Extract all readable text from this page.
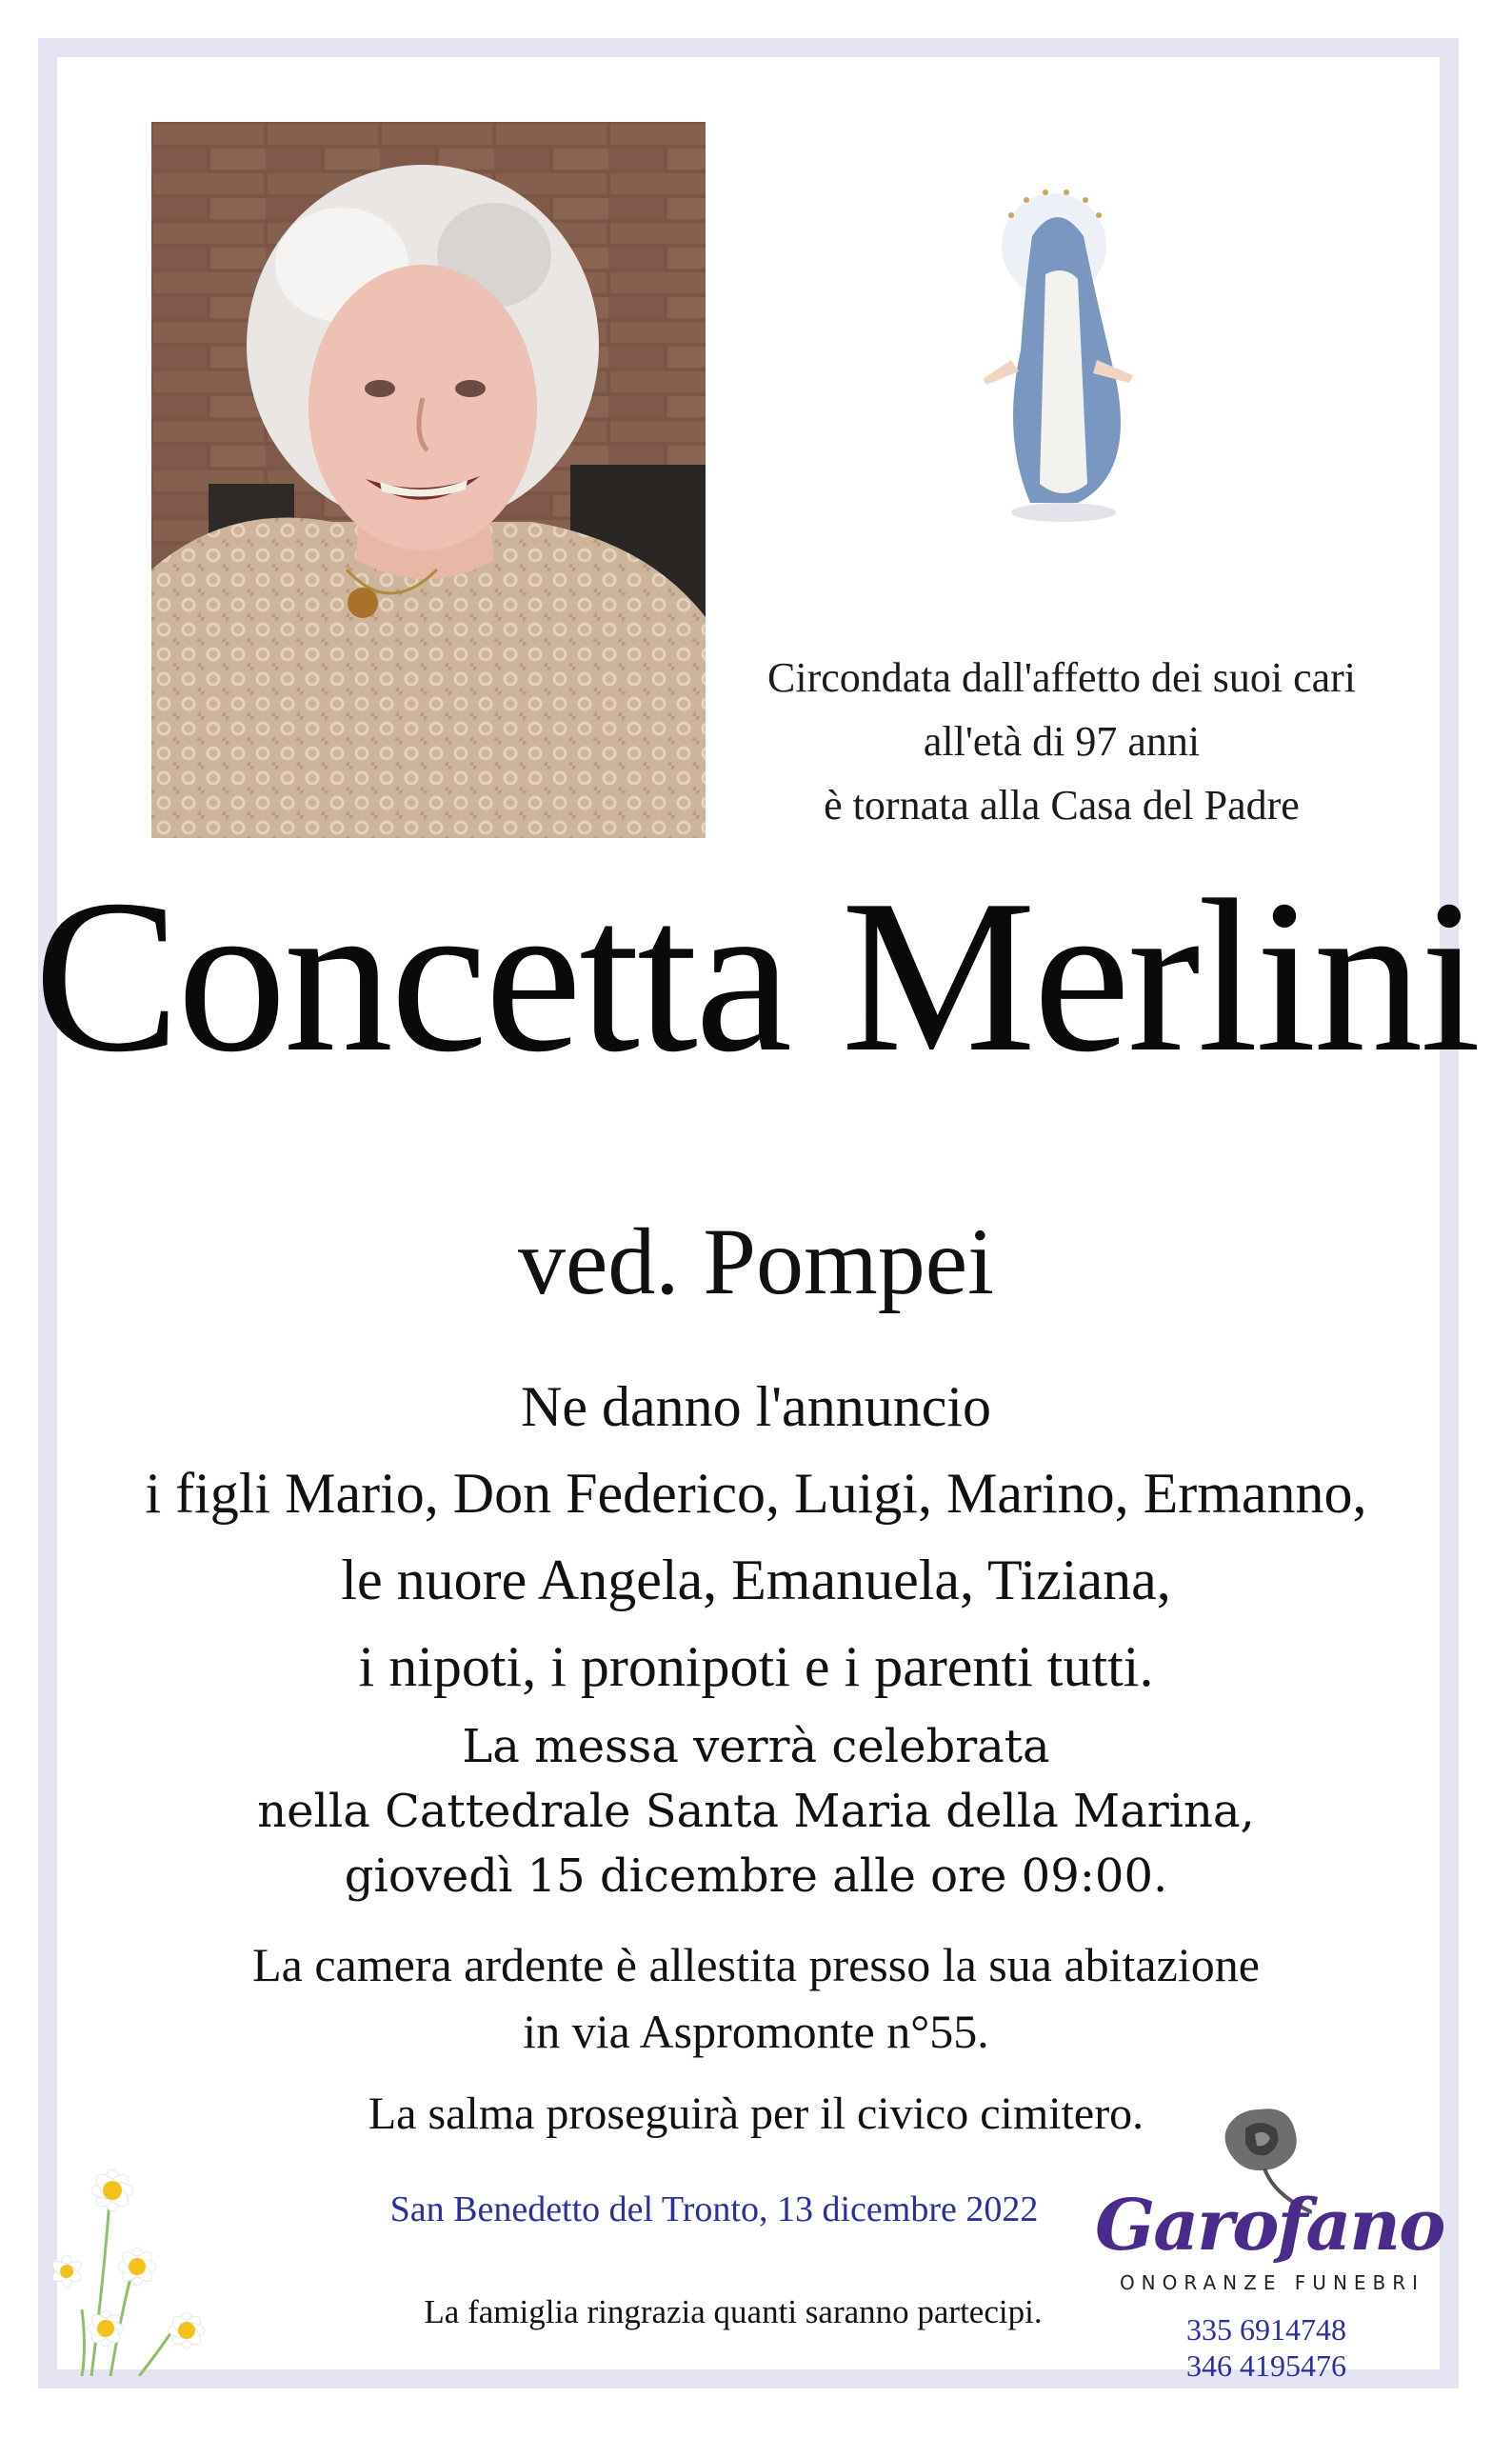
Circondata dall'affetto dei suoi cari
all'età di 97 anni
è tornata alla Casa del Padre
Concetta Merlini
ved. Pompei
Ne danno l'annuncio
i figli Mario, Don Federico, Luigi, Marino, Ermanno,
le nuore Angela, Emanuela, Tiziana,
i nipoti, i pronipoti e i parenti tutti.
La messa verrà celebrata
nella Cattedrale Santa Maria della Marina,
giovedì 15 dicembre alle ore 09:00.
La camera ardente è allestita presso la sua abitazione
in via Aspromonte n°55.
La salma proseguirà per il civico cimitero.
San Benedetto del Tronto, 13 dicembre 2022
La famiglia ringrazia quanti saranno partecipi.
Garofano
ONORANZE FUNEBRI
335 6914748
346 4195476
